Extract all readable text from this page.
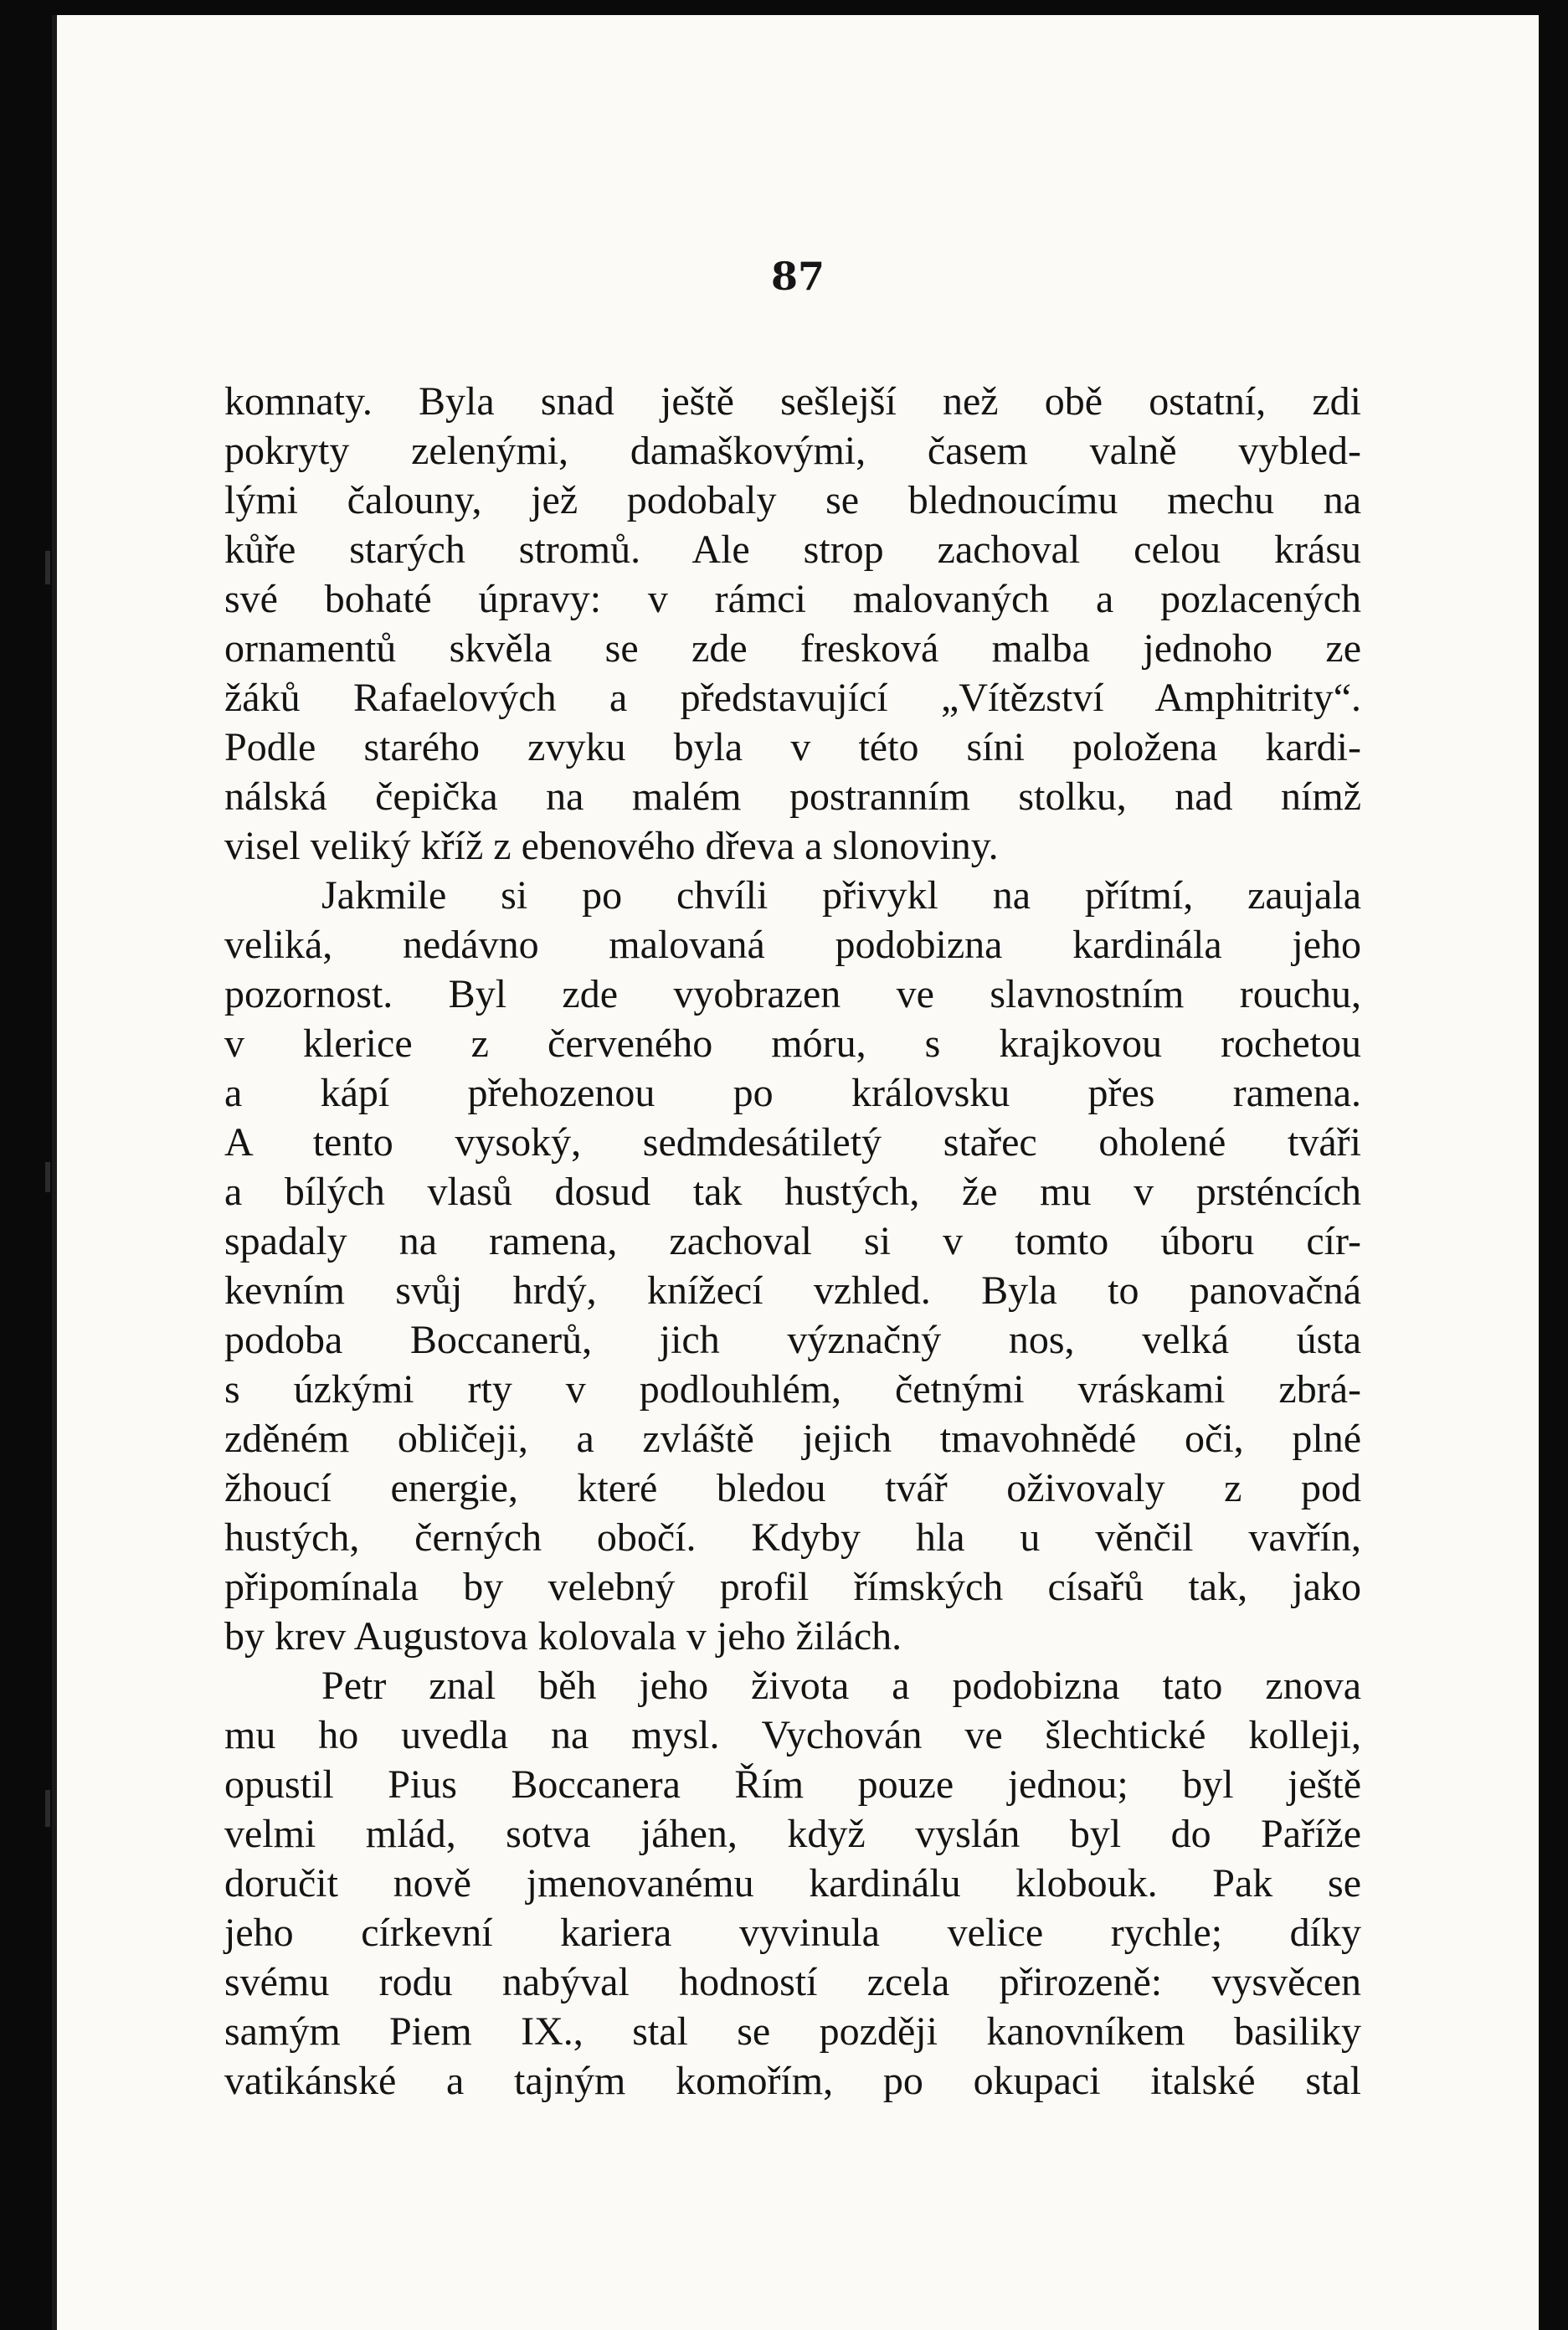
87
komnaty. Byla snad ještě sešlejší než obě ostatní, zdi
pokryty zelenými, damaškovými, časem valně vybled-
lými čalouny, jež podobaly se blednoucímu mechu na
kůře starých stromů. Ale strop zachoval celou krásu
své bohaté úpravy: v rámci malovaných a pozlacených
ornamentů skvěla se zde fresková malba jednoho ze
žáků Rafaelových a představující „Vítězství Amphitrity“.
Podle starého zvyku byla v této síni položena kardi-
nálská čepička na malém postranním stolku, nad nímž
visel veliký kříž z ebenového dřeva a slonoviny.
Jakmile si po chvíli přivykl na přítmí, zaujala
veliká, nedávno malovaná podobizna kardinála jeho
pozornost. Byl zde vyobrazen ve slavnostním rouchu,
v klerice z červeného móru, s krajkovou rochetou
a kápí přehozenou po královsku přes ramena.
A tento vysoký, sedmdesátiletý stařec oholené tváři
a bílých vlasů dosud tak hustých, že mu v prsténcích
spadaly na ramena, zachoval si v tomto úboru cír-
kevním svůj hrdý, knížecí vzhled. Byla to panovačná
podoba Boccanerů, jich význačný nos, velká ústa
s úzkými rty v podlouhlém, četnými vráskami zbrá-
zděném obličeji, a zvláště jejich tmavohnědé oči, plné
žhoucí energie, které bledou tvář oživovaly z pod
hustých, černých obočí. Kdyby hla u věnčil vavřín,
připomínala by velebný profil římských císařů tak, jako
by krev Augustova kolovala v jeho žilách.
Petr znal běh jeho života a podobizna tato znova
mu ho uvedla na mysl. Vychován ve šlechtické kolleji,
opustil Pius Boccanera Řím pouze jednou; byl ještě
velmi mlád, sotva jáhen, když vyslán byl do Paříže
doručit nově jmenovanému kardinálu klobouk. Pak se
jeho církevní kariera vyvinula velice rychle; díky
svému rodu nabýval hodností zcela přirozeně: vysvěcen
samým Piem IX., stal se později kanovníkem basiliky
vatikánské a tajným komořím, po okupaci italské stal
